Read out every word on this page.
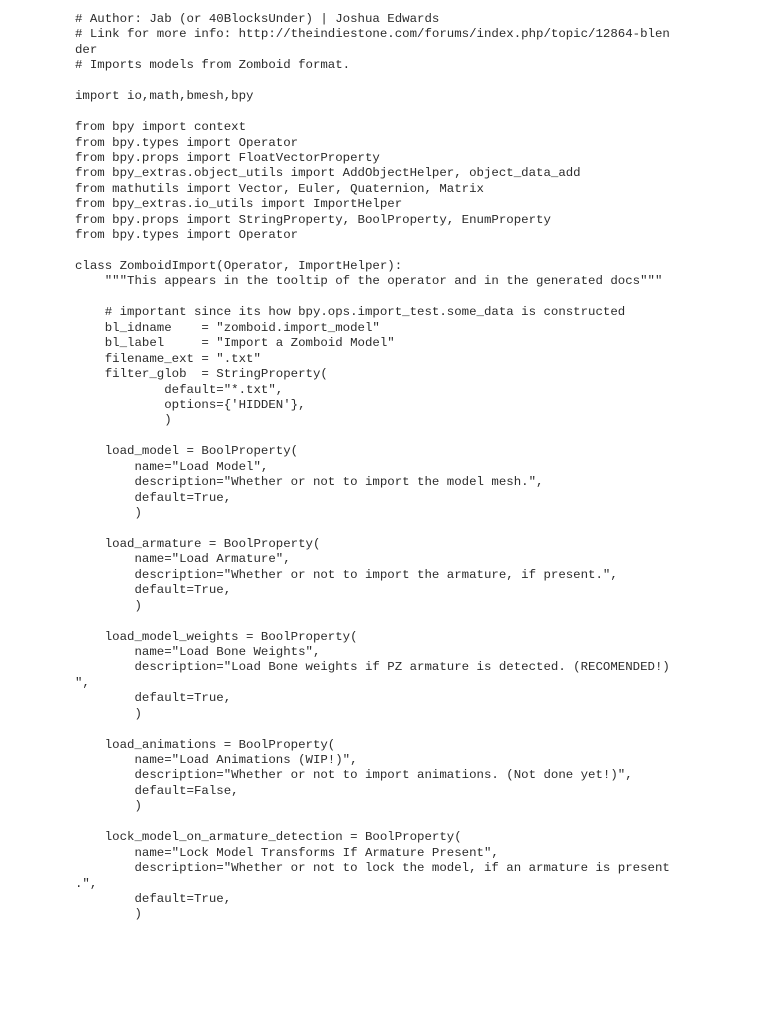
# Author: Jab (or 40BlocksUnder) | Joshua Edwards
# Link for more info: http://theindiestone.com/forums/index.php/topic/12864-blen
der
# Imports models from Zomboid format.
import io,math,bmesh,bpy
from bpy import context
from bpy.types import Operator
from bpy.props import FloatVectorProperty
from bpy_extras.object_utils import AddObjectHelper, object_data_add
from mathutils import Vector, Euler, Quaternion, Matrix
from bpy_extras.io_utils import ImportHelper
from bpy.props import StringProperty, BoolProperty, EnumProperty
from bpy.types import Operator
class ZomboidImport(Operator, ImportHelper):
"""This appears in the tooltip of the operator and in the generated docs"""
# important since its how bpy.ops.import_test.some_data is constructed
bl_idname    = "zomboid.import_model"
bl_label     = "Import a Zomboid Model"
filename_ext = ".txt"
filter_glob  = StringProperty(
default="*.txt",
options={'HIDDEN'},
)
load_model = BoolProperty(
name="Load Model",
description="Whether or not to import the model mesh.",
default=True,
)
load_armature = BoolProperty(
name="Load Armature",
description="Whether or not to import the armature, if present.",
default=True,
)
load_model_weights = BoolProperty(
name="Load Bone Weights",
description="Load Bone weights if PZ armature is detected. (RECOMENDED!)
",
default=True,
)
load_animations = BoolProperty(
name="Load Animations (WIP!)",
description="Whether or not to import animations. (Not done yet!)",
default=False,
)
lock_model_on_armature_detection = BoolProperty(
name="Lock Model Transforms If Armature Present",
description="Whether or not to lock the model, if an armature is present
.",
default=True,
)
